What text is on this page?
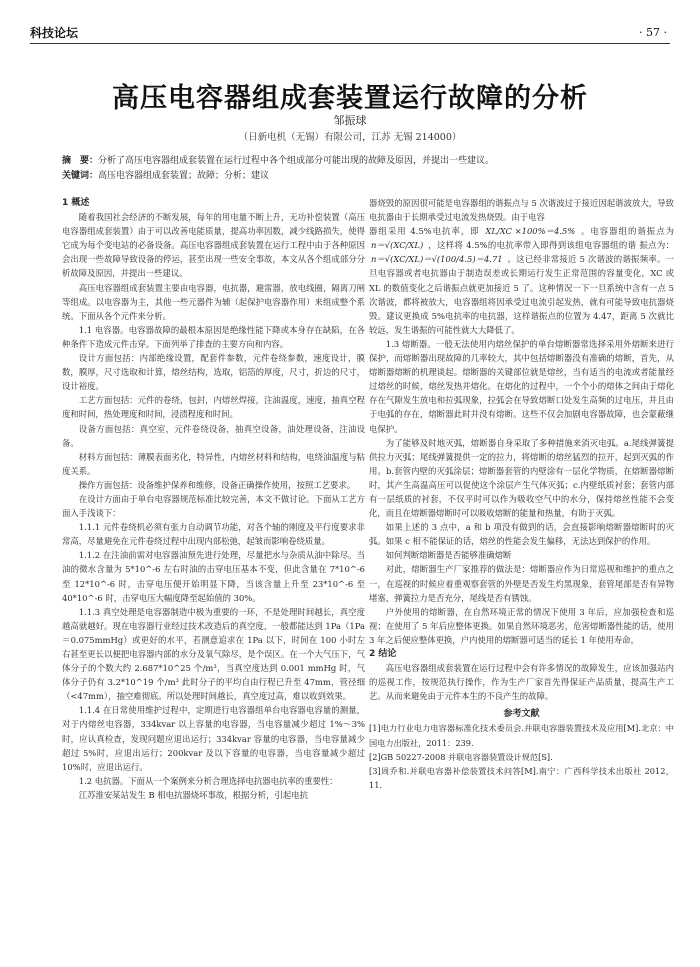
科技论坛	· 57 ·
高压电容器组成套装置运行故障的分析
邹振球
（日新电机（无锡）有限公司，江苏 无锡 214000）
摘　要：分析了高压电容器组成套装置在运行过程中各个组成部分可能出现的故障及原因，并提出一些建议。
关键词：高压电容器组成套装置；故障；分析；建议

1 概述

随着我国社会经济的不断发展，每年的用电量不断上升，无功补偿装置（高压电容器组成套装置）由于可以改善电能质量，提高功率因数，减少线路损失，使得它成为每个变电站的必备设备。高压电容器组成套装置在运行工程中由于各种原因会出现一些故障导致设备的停运，甚至出现一些安全事故，本文从各个组成部分分析故障及原因，并提出一些建议。

高压电容器组成套装置主要由电容器，电抗器，避雷器，放电线圈，隔离刀闸等组成。以电容器为主，其他一些元器件为辅（起保护电容器作用）来组成整个系统。下面从各个元件来分析。

1.1 电容器。电容器故障的最根本原因是绝缘性能下降或本身存在缺陷，在各种条件下造成元件击穿。下面列举了排查的主要方向和内容。

设计方面包括：内部绝缘设置，配套件参数，元件卷绕参数，速度设计，膜数，膜厚，尺寸选取和计算，熔丝结构，选取，铝箔的厚度，尺寸，折边的尺寸，设计裕度。

工艺方面包括：元件的卷绕，包封，内熔丝焊接，注油温度，速度，抽真空程度和时间，热处理度和时间，浸渍程度和时间。

设备方面包括：真空室，元件卷绕设备，抽真空设备，油处理设备，注油设备。

材料方面包括：薄膜表面劣化，特异性，内熔丝材料和结构，电绕油温度与粘度关系。

操作方面包括：设备维护保养和维修，设备正确操作使用，按照工艺要求。

在设计方面由于单台电容器规范标准比较完善，本文不做讨论。下面从工艺方面入手浅谈下：

1.1.1 元件卷绕机必须有张力自动调节功能，对各个轴的刚度及平行度要求非常高，尽量避免在元件卷绕过程中出现内部松弛，起皱而影响卷绕质量。

1.1.2 在注油前需对电容器油预先进行处理，尽量把水与杂质从油中除尽。当油的微水含量为 5*10^-6 左右时油的击穿电压基本不变，但此含量在 7*10^-6 至 12*10^-6 时，击穿电压便开始明显下降，当该含量上升至 23*10^-6 至 40*10^-6 时，击穿电压大幅度降至起始值的 30%。

1.1.3 真空处理是电容器制造中极为重要的一环，不是处理时间越长，真空度越高就越好。现在电容器行业经过技术改造后的真空度，一般都能达到 1Pa（1Pa＝0.075mmHg）或更好的水平，若测意追求在 1Pa 以下，时间在 100 小时左右甚至更长以便把电容器内部的水分及氧气除尽，是个误区。在一个大气压下，气体分子的个数大约 2.687*10^25 个/m³，当真空度达到 0.001 mmHg 时，气体分子仍有 3.2*10^19 个/m³ 此时分子的平均自由行程已升至 47mm，管径细（<47mm），抽空难彻底。所以处理时间越长，真空度过高，难以收到效果。

1.1.4 在日常使用维护过程中，定期进行电容器组单台电容器电容量的测量，对于内熔丝电容器，334kvar 以上容量的电容器，当电容量减少超过 1%～3%时，应认真检查，发现问题应退出运行；334kvar 容量的电容器，当电容量减少超过 5%时，应退出运行；200kvar 及以下容量的电容器，当电容量减少超过 10%时，应退出运行。

1.2 电抗器。下面从一个案例来分析合理选择电抗器电抗率的重要性：

江苏淮安某站发生 B 相电抗器烧坏事故，根据分析，引起电抗

器烧毁的原因很可能是电容器组的谐振点与 5 次谐波过于接近因起谐波放大，导致电抗器由于长期承受过电流发热烧毁。由于电容

器组采用 4.5%电抗率，即 XL/XC ×100%＝4.5% 。电容器组的谐振点为 n＝√(XC/XL) ，这样将 4.5%的电抗率带入即得到该组电容器组的谐 振点为： n＝√(XC/XL)＝√(100/4.5)＝4.71 。这已经非常接近 5 次谐波的谐振频率。一旦电容器或者电抗器由于制造误差或长期运行发生正常范围的容量变化，XC 或 XL 的数值变化之后谐振点就更加接近 5 了。这种情况一下一旦系统中含有一点 5 次谐波，都将被放大，电容器组将因承受过电流引起发热，就有可能导致电抗器烧毁。建议更换成 5%电抗率的电抗器，这样谐振点的位置为 4.47，距离 5 次就比较远，发生谐振的可能性就大大降低了。

1.3 熔断器。一般无法使用内熔丝保护的单台熔断器常选择采用外熔断来进行保护，而熔断器出现故障的几率较大，其中包括熔断器没有准确的熔断，首先，从熔断器熔断的机理谈起。熔断器的关键部位就是熔丝，当有适当的电流或者能量经过熔丝的时候，熔丝发热并熔化。在熔化的过程中，一个个小的熔体之间由于熔化存在气隙发生放电和拉弧现象，拉弧会在导致熔断口处发生高频的过电压，并且由于电弧的存在，熔断器此时并没有熔断。这些不仅会加剧电容器故障，也会蒙蔽继电保护。

为了能够及时地灭弧，熔断器自身采取了多种措施来消灭电弧。a.尾线弹簧提供拉力灭弧；尾线弹簧提供一定的拉力，将熔断的熔丝猛烈的拉开，起到灭弧的作用。b.套管内壁的灭弧涂层；熔断器套管的内壁涂有一层化学物质，在熔断器熔断时，其产生高温高压可以促使这个涂层产生气体灭弧；c.内壁纸质衬套；套管内部有一层纸质的衬套，不仅平时可以作为吸收空气中的水分，保持熔丝性能不会变化，而且在熔断器熔断时可以吸收熔断的能量和热量，有助于灭弧。

如果上述的 3 点中，a 和 b 项没有做到的话，会直接影响熔断器熔断时的灭弧。如果 c 相不能保证的话，熔丝的性能会发生偏移，无法达到保护的作用。

如何判断熔断器是否能够准确熔断

对此，熔断器生产厂家推荐的做法是：熔断器应作为日常巡视和维护的重点之一，在巡视的时候应着重观察套管的外壁是否发生灼黑现象，套管尾部是否有异物堵塞，弹簧拉力是否充分，尾线是否有锈蚀。

户外使用的熔断器，在自然环境正常的情况下使用 3 年后，应加强检查和巡视；在使用了 5 年后应整体更换。如果自然环境恶劣，危害熔断器性能的话，使用 3 年之后便应整体更换，户内使用的熔断器可适当的延长 1 年使用寿命。

2 结论

高压电容器组成套装置在运行过程中会有许多情况的故障发生，应该加强站内的巡视工作，按规范执行操作，作为生产厂家首先得保证产品质量，提高生产工艺。从而来避免由于元件本生的不良产生的故障。

参考文献

[1]电力行业电力电容器标准化技术委员会.并联电容器装置技术及应用[M].北京：中国电力出版社，2011：239.

[2]GB 50227-2008 并联电容器装置设计规范[S].

[3]周乔和.并联电容器补偿装置技术问答[M].南宁：广西科学技术出版社 2012，11.
